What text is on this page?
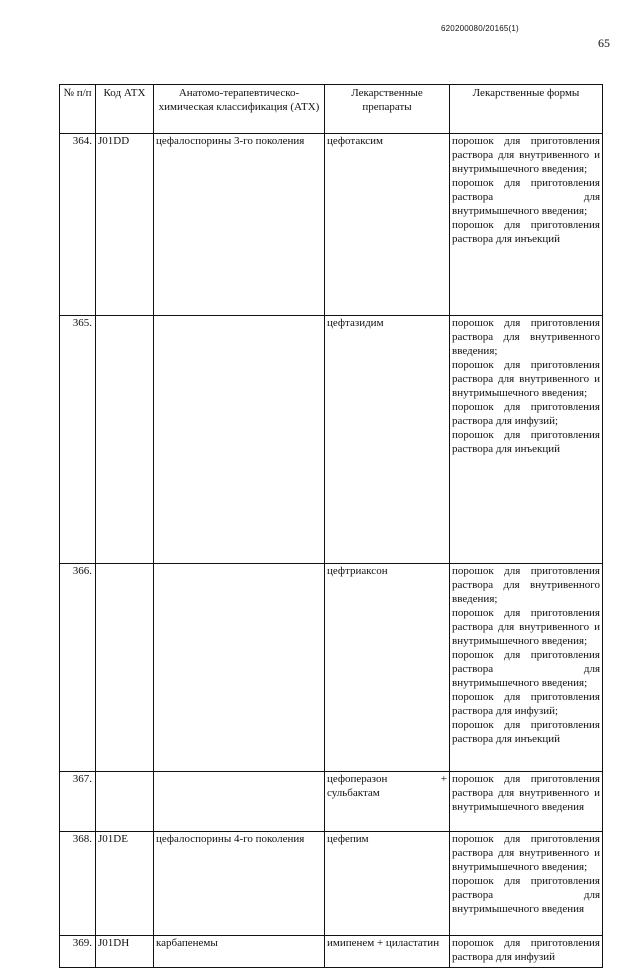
620200080/20165(1)
65
№ п/п	Код АТХ	Анатомо-терапевтическо-химическая классификация (АТХ)	Лекарственные препараты	Лекарственные формы
364.	J01DD	цефалоспорины 3-го поколения	цефотаксим	порошок для приготовления раствора для внутривенного и внутримышечного введения;
порошок для приготовления раствора для внутримышечного введения;
порошок для приготовления раствора для инъекций

365.			цефтазидим	порошок для приготовления раствора для внутривенного введения;
порошок для приготовления раствора для внутривенного и внутримышечного введения;
порошок для приготовления раствора для инфузий;
порошок для приготовления раствора для инъекций

366.			цефтриаксон	порошок для приготовления раствора для внутривенного введения;
порошок для приготовления раствора для внутривенного и внутримышечного введения;
порошок для приготовления раствора для внутримышечного введения;
порошок для приготовления раствора для инфузий;
порошок для приготовления раствора для инъекций

367.			цефоперазон + сульбактам	порошок для приготовления раствора для внутривенного и внутримышечного введения

368.	J01DE	цефалоспорины 4-го поколения	цефепим	порошок для приготовления раствора для внутривенного и внутримышечного введения;
порошок для приготовления раствора для внутримышечного введения

369.	J01DH	карбапенемы	имипенем + циластатин	порошок для приготовления раствора для инфузий
